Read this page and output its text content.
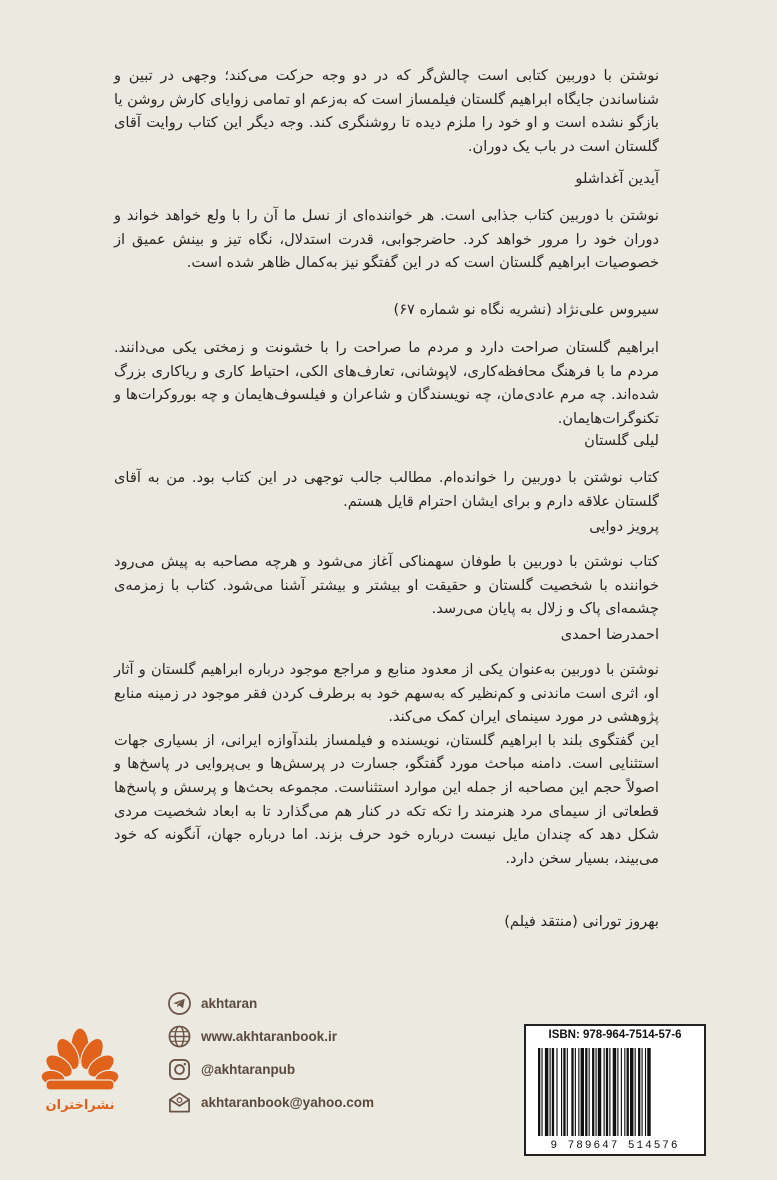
نوشتن با دوربین کتابی است چالش‌گر که در دو وجه حرکت می‌کند؛ وجهی در تبین و شناساندن جایگاه ابراهیم گلستان فیلمساز است که به‌زعم او تمامی زوایای کارش روشن یا بازگو نشده است و او خود را ملزم دیده تا روشنگری کند. وجه دیگر این کتاب روایت آقای گلستان است در باب یک دوران.

آیدین آغداشلو

نوشتن با دوربین کتاب جذابی است. هر خواننده‌ای از نسل ما آن را با ولع خواهد خواند و دوران خود را مرور خواهد کرد. حاضرجوابی، قدرت استدلال، نگاه تیز و بینش عمیق از خصوصیات ابراهیم گلستان است که در این گفتگو نیز به‌کمال ظاهر شده است.

سیروس علی‌نژاد (نشریه نگاه نو شماره ۶۷)

ابراهیم گلستان صراحت دارد و مردم ما صراحت را با خشونت و زمختی یکی می‌دانند. مردم ما با فرهنگ محافظه‌کاری، لاپوشانی، تعارف‌های الکی، احتیاط کاری و ریاکاری بزرگ شده‌اند. چه مرم عادی‌مان، چه نویسندگان و شاعران و فیلسوف‌هایمان و چه بوروکرات‌ها و تکنوگرات‌هایمان.

لیلی گلستان

کتاب نوشتن با دوربین را خوانده‌ام. مطالب جالب توجهی در این کتاب بود. من به آقای گلستان علاقه دارم و برای ایشان احترام قایل هستم.

پرویز دوایی

کتاب نوشتن با دوربین با طوفان سهمناکی آغاز می‌شود و هرچه مصاحبه به پیش می‌رود خواننده با شخصیت گلستان و حقیقت او بیشتر و بیشتر آشنا می‌شود. کتاب با زمزمه‌ی چشمه‌ای پاک و زلال به پایان می‌رسد.

احمدرضا احمدی

نوشتن با دوربین به‌عنوان یکی از معدود منابع و مراجع موجود درباره ابراهیم گلستان و آثار او، اثری است ماندنی و کم‌نظیر که به‌سهم خود به برطرف کردن فقر موجود در زمینه منابع پژوهشی در مورد سینمای ایران کمک می‌کند.

این گفتگوی بلند با ابراهیم گلستان، نویسنده و فیلمساز بلندآوازه ایرانی، از بسیاری جهات استثنایی است. دامنه مباحث مورد گفتگو، جسارت در پرسش‌ها و بی‌پروایی در پاسخ‌ها و اصولاً حجم این مصاحبه از جمله این موارد استثناست. مجموعه بحث‌ها و پرسش و پاسخ‌ها قطعاتی از سیمای مرد هنرمند را تکه تکه در کنار هم می‌گذارد تا به ابعاد شخصیت مردی شکل دهد که چندان مایل نیست درباره خود حرف بزند. اما درباره جهان، آنگونه که خود می‌بیند، بسیار سخن دارد.

بهروز تورانی (منتقد فیلم)
akhtaran
www.akhtaranbook.ir
@akhtaranpub
akhtaranbook@yahoo.com
نشراختران
ISBN: 978-964-7514-57-6
9 789647 514576
